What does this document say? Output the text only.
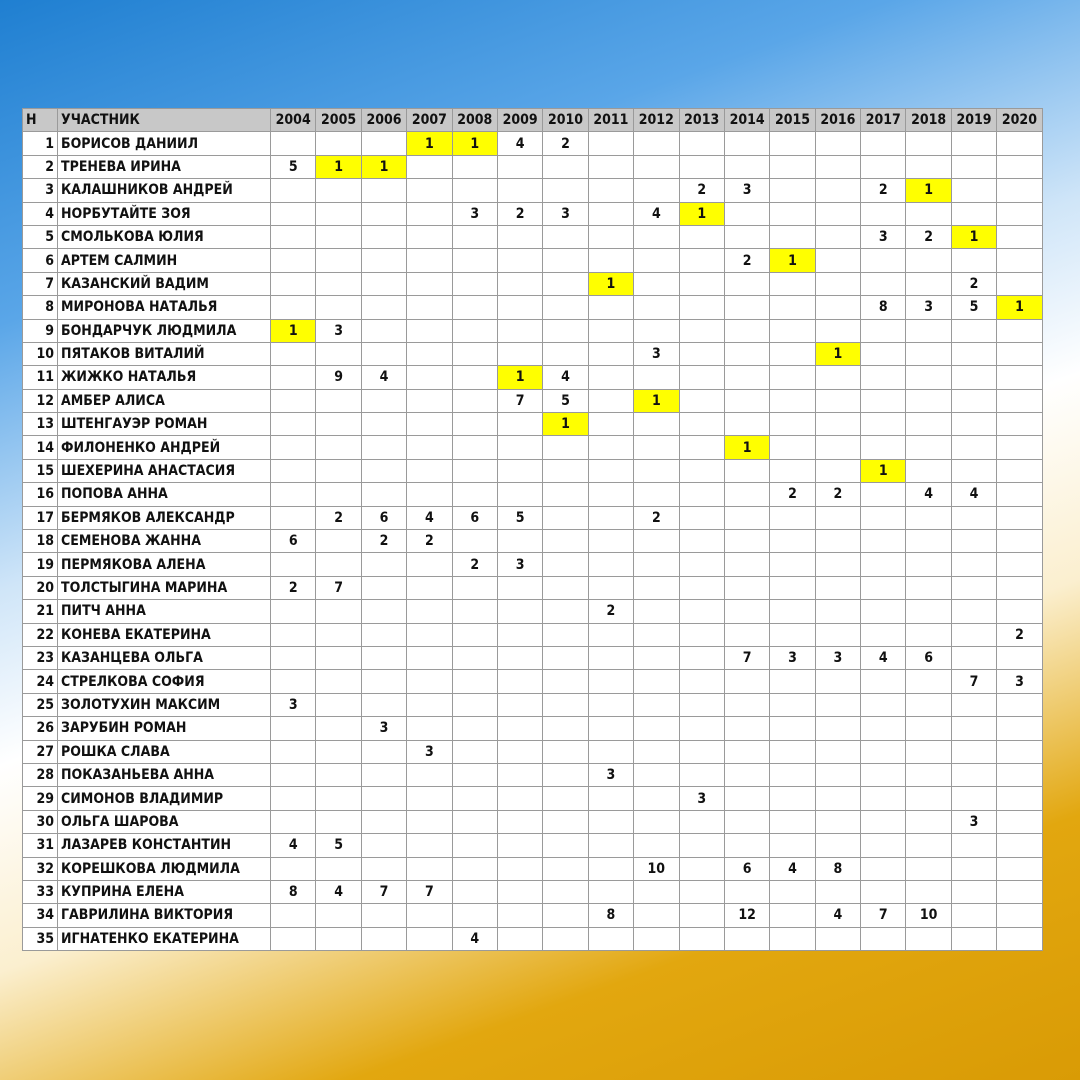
Н	УЧАСТНИК	2004	2005	2006	2007	2008	2009	2010	2011	2012	2013	2014	2015	2016	2017	2018	2019	2020
1	БОРИСОВ ДАНИИЛ				1	1	4	2										
2	ТРЕНЕВА ИРИНА	5	1	1														
3	КАЛАШНИКОВ АНДРЕЙ										2	3			2	1		
4	НОРБУТАЙТЕ ЗОЯ					3	2	3		4	1							
5	СМОЛЬКОВА ЮЛИЯ														3	2	1	
6	АРТЕМ САЛМИН											2	1					
7	КАЗАНСКИЙ ВАДИМ								1								2	
8	МИРОНОВА НАТАЛЬЯ														8	3	5	1
9	БОНДАРЧУК ЛЮДМИЛА	1	3															
10	ПЯТАКОВ ВИТАЛИЙ									3				1				
11	ЖИЖКО НАТАЛЬЯ		9	4			1	4										
12	АМБЕР АЛИСА						7	5		1								
13	ШТЕНГАУЭР РОМАН							1										
14	ФИЛОНЕНКО АНДРЕЙ											1						
15	ШЕХЕРИНА АНАСТАСИЯ														1			
16	ПОПОВА АННА												2	2		4	4	
17	БЕРМЯКОВ АЛЕКСАНДР		2	6	4	6	5			2								
18	СЕМЕНОВА ЖАННА	6		2	2													
19	ПЕРМЯКОВА АЛЕНА					2	3											
20	ТОЛСТЫГИНА МАРИНА	2	7															
21	ПИТЧ АННА								2									
22	КОНЕВА ЕКАТЕРИНА																	2
23	КАЗАНЦЕВА ОЛЬГА											7	3	3	4	6		
24	СТРЕЛКОВА СОФИЯ																7	3
25	ЗОЛОТУХИН МАКСИМ	3																
26	ЗАРУБИН РОМАН			3														
27	РОШКА СЛАВА				3													
28	ПОКАЗАНЬЕВА АННА								3									
29	СИМОНОВ ВЛАДИМИР										3							
30	ОЛЬГА ШАРОВА																3	
31	ЛАЗАРЕВ КОНСТАНТИН	4	5															
32	КОРЕШКОВА ЛЮДМИЛА									10		6	4	8				
33	КУПРИНА ЕЛЕНА	8	4	7	7													
34	ГАВРИЛИНА ВИКТОРИЯ								8			12		4	7	10		
35	ИГНАТЕНКО ЕКАТЕРИНА					4												
